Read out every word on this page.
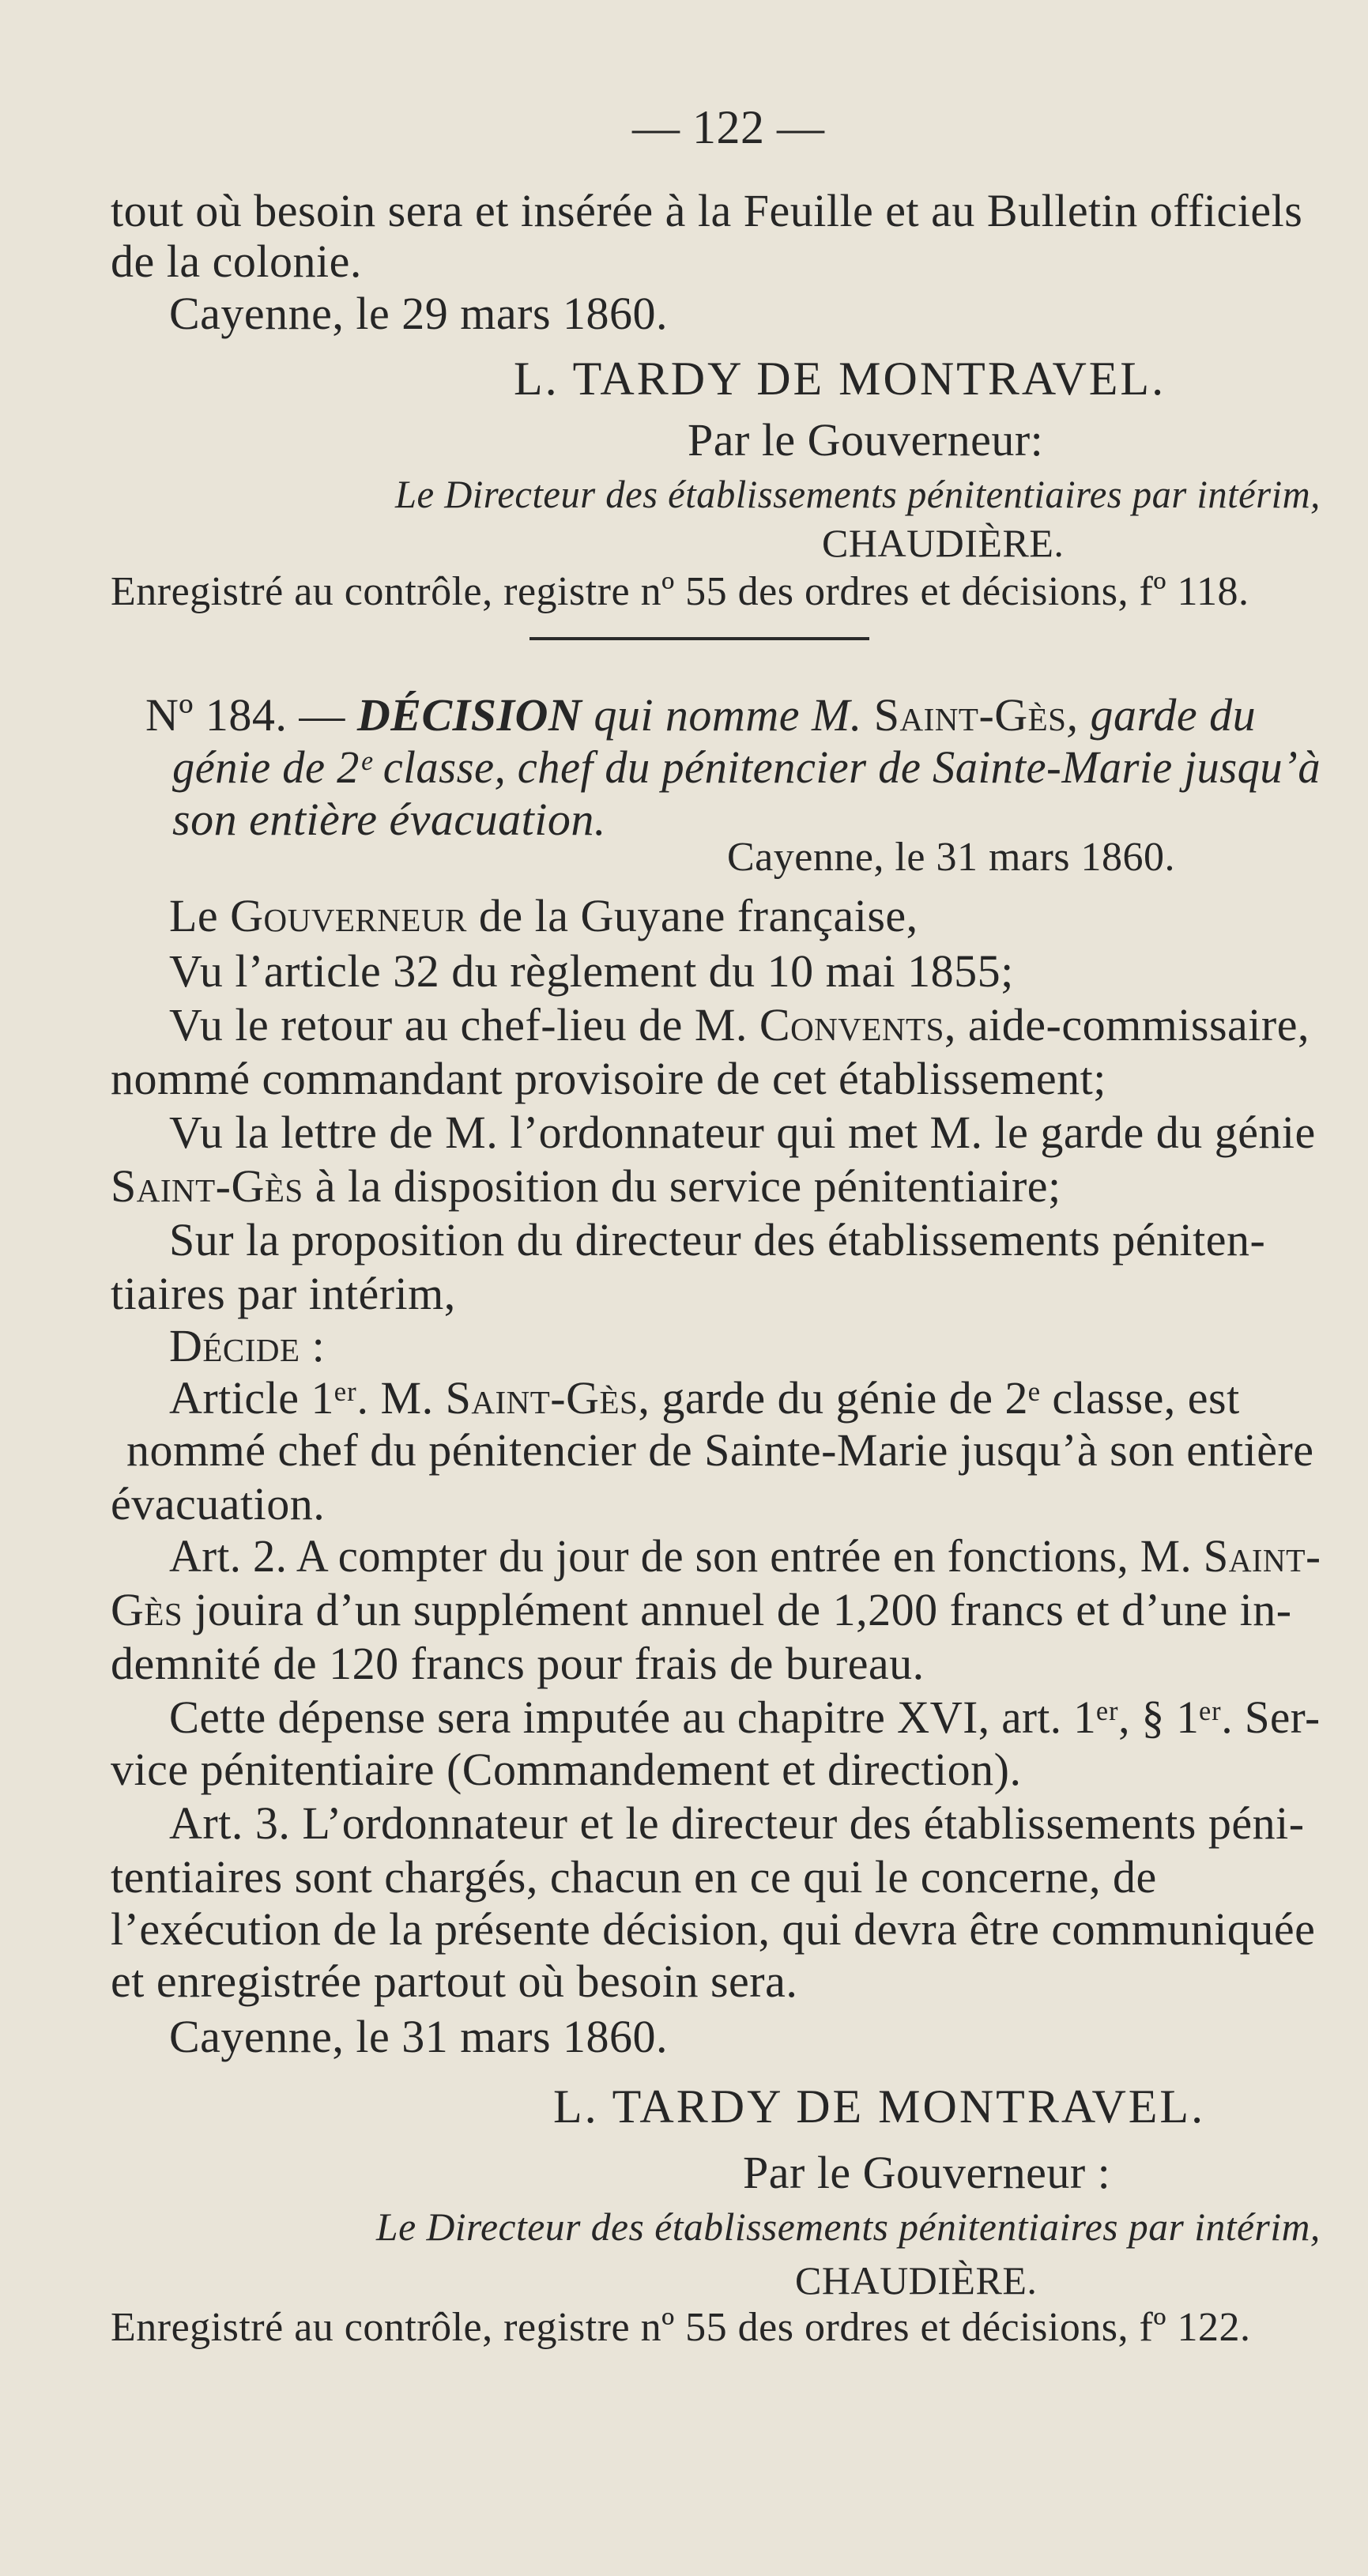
— 122 —
tout où besoin sera et insérée à la Feuille et au Bulletin officiels
de la colonie.
Cayenne, le 29 mars 1860.
L. TARDY DE MONTRAVEL.
Par le Gouverneur:
Le Directeur des établissements pénitentiaires par intérim,
CHAUDIÈRE.
Enregistré au contrôle, registre nº 55 des ordres et décisions, fº 118.
Nº 184. — DÉCISION qui nomme M. Saint-Gès, garde du
génie de 2ᵉ classe, chef du pénitencier de Sainte-Marie jusqu’à
son entière évacuation.
Cayenne, le 31 mars 1860.
Le Gouverneur de la Guyane française,
Vu l’article 32 du règlement du 10 mai 1855;
Vu le retour au chef-lieu de M. Convents, aide-commissaire,
nommé commandant provisoire de cet établissement;
Vu la lettre de M. l’ordonnateur qui met M. le garde du génie
Saint-Gès à la disposition du service pénitentiaire;
Sur la proposition du directeur des établissements péniten-
tiaires par intérim,
Décide :
Article 1ᵉʳ. M. Saint-Gès, garde du génie de 2ᵉ classe, est
nommé chef du pénitencier de Sainte-Marie jusqu’à son entière
évacuation.
Art. 2. A compter du jour de son entrée en fonctions, M. Saint-
Gès jouira d’un supplément annuel de 1,200 francs et d’une in-
demnité de 120 francs pour frais de bureau.
Cette dépense sera imputée au chapitre XVI, art. 1ᵉʳ, § 1ᵉʳ. Ser-
vice pénitentiaire (Commandement et direction).
Art. 3. L’ordonnateur et le directeur des établissements péni-
tentiaires sont chargés, chacun en ce qui le concerne, de
l’exécution de la présente décision, qui devra être communiquée
et enregistrée partout où besoin sera.
Cayenne, le 31 mars 1860.
L. TARDY DE MONTRAVEL.
Par le Gouverneur :
Le Directeur des établissements pénitentiaires par intérim,
CHAUDIÈRE.
Enregistré au contrôle, registre nº 55 des ordres et décisions, fº 122.
